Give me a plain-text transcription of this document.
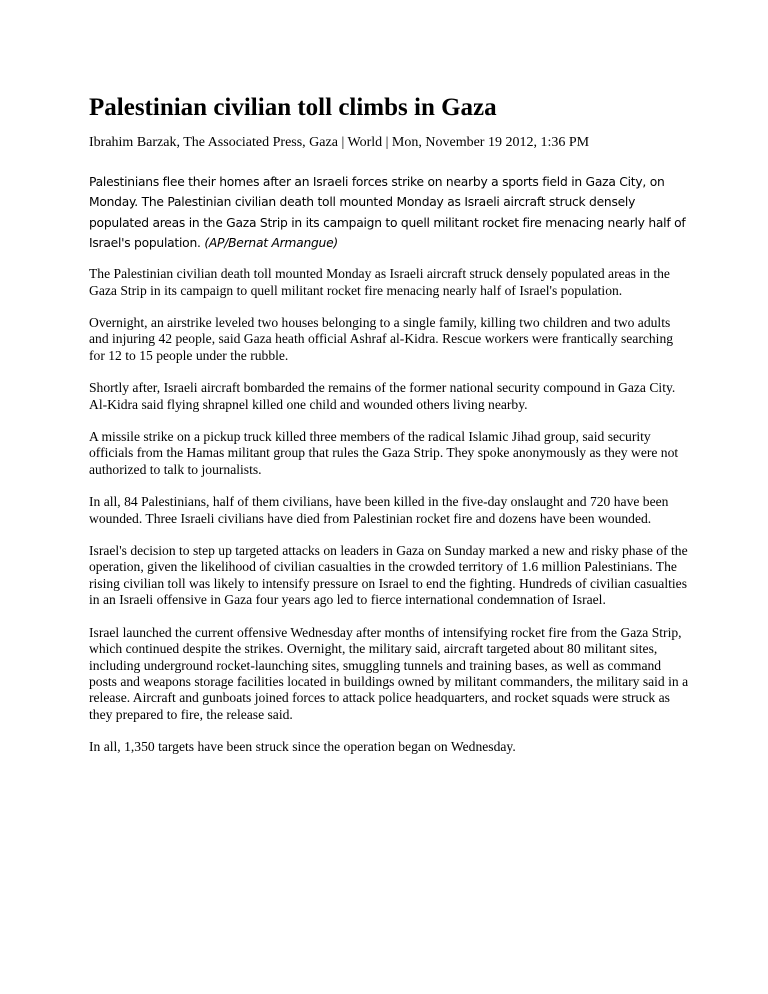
Palestinian civilian toll climbs in Gaza
Ibrahim Barzak, The Associated Press, Gaza | World | Mon, November 19 2012, 1:36 PM

Palestinians flee their homes after an Israeli forces strike on nearby a sports field in Gaza City, on Monday. The Palestinian civilian death toll mounted Monday as Israeli aircraft struck densely populated areas in the Gaza Strip in its campaign to quell militant rocket fire menacing nearly half of Israel's population. (AP/Bernat Armangue)

The Palestinian civilian death toll mounted Monday as Israeli aircraft struck densely populated areas in the Gaza Strip in its campaign to quell militant rocket fire menacing nearly half of Israel's population.

Overnight, an airstrike leveled two houses belonging to a single family, killing two children and two adults and injuring 42 people, said Gaza heath official Ashraf al-Kidra. Rescue workers were frantically searching for 12 to 15 people under the rubble.

Shortly after, Israeli aircraft bombarded the remains of the former national security compound in Gaza City. Al-Kidra said flying shrapnel killed one child and wounded others living nearby.

A missile strike on a pickup truck killed three members of the radical Islamic Jihad group, said security officials from the Hamas militant group that rules the Gaza Strip. They spoke anonymously as they were not authorized to talk to journalists.

In all, 84 Palestinians, half of them civilians, have been killed in the five-day onslaught and 720 have been wounded. Three Israeli civilians have died from Palestinian rocket fire and dozens have been wounded.

Israel's decision to step up targeted attacks on leaders in Gaza on Sunday marked a new and risky phase of the operation, given the likelihood of civilian casualties in the crowded territory of 1.6 million Palestinians. The rising civilian toll was likely to intensify pressure on Israel to end the fighting. Hundreds of civilian casualties in an Israeli offensive in Gaza four years ago led to fierce international condemnation of Israel.

Israel launched the current offensive Wednesday after months of intensifying rocket fire from the Gaza Strip, which continued despite the strikes. Overnight, the military said, aircraft targeted about 80 militant sites, including underground rocket-launching sites, smuggling tunnels and training bases, as well as command posts and weapons storage facilities located in buildings owned by militant commanders, the military said in a release. Aircraft and gunboats joined forces to attack police headquarters, and rocket squads were struck as they prepared to fire, the release said.

In all, 1,350 targets have been struck since the operation began on Wednesday.
